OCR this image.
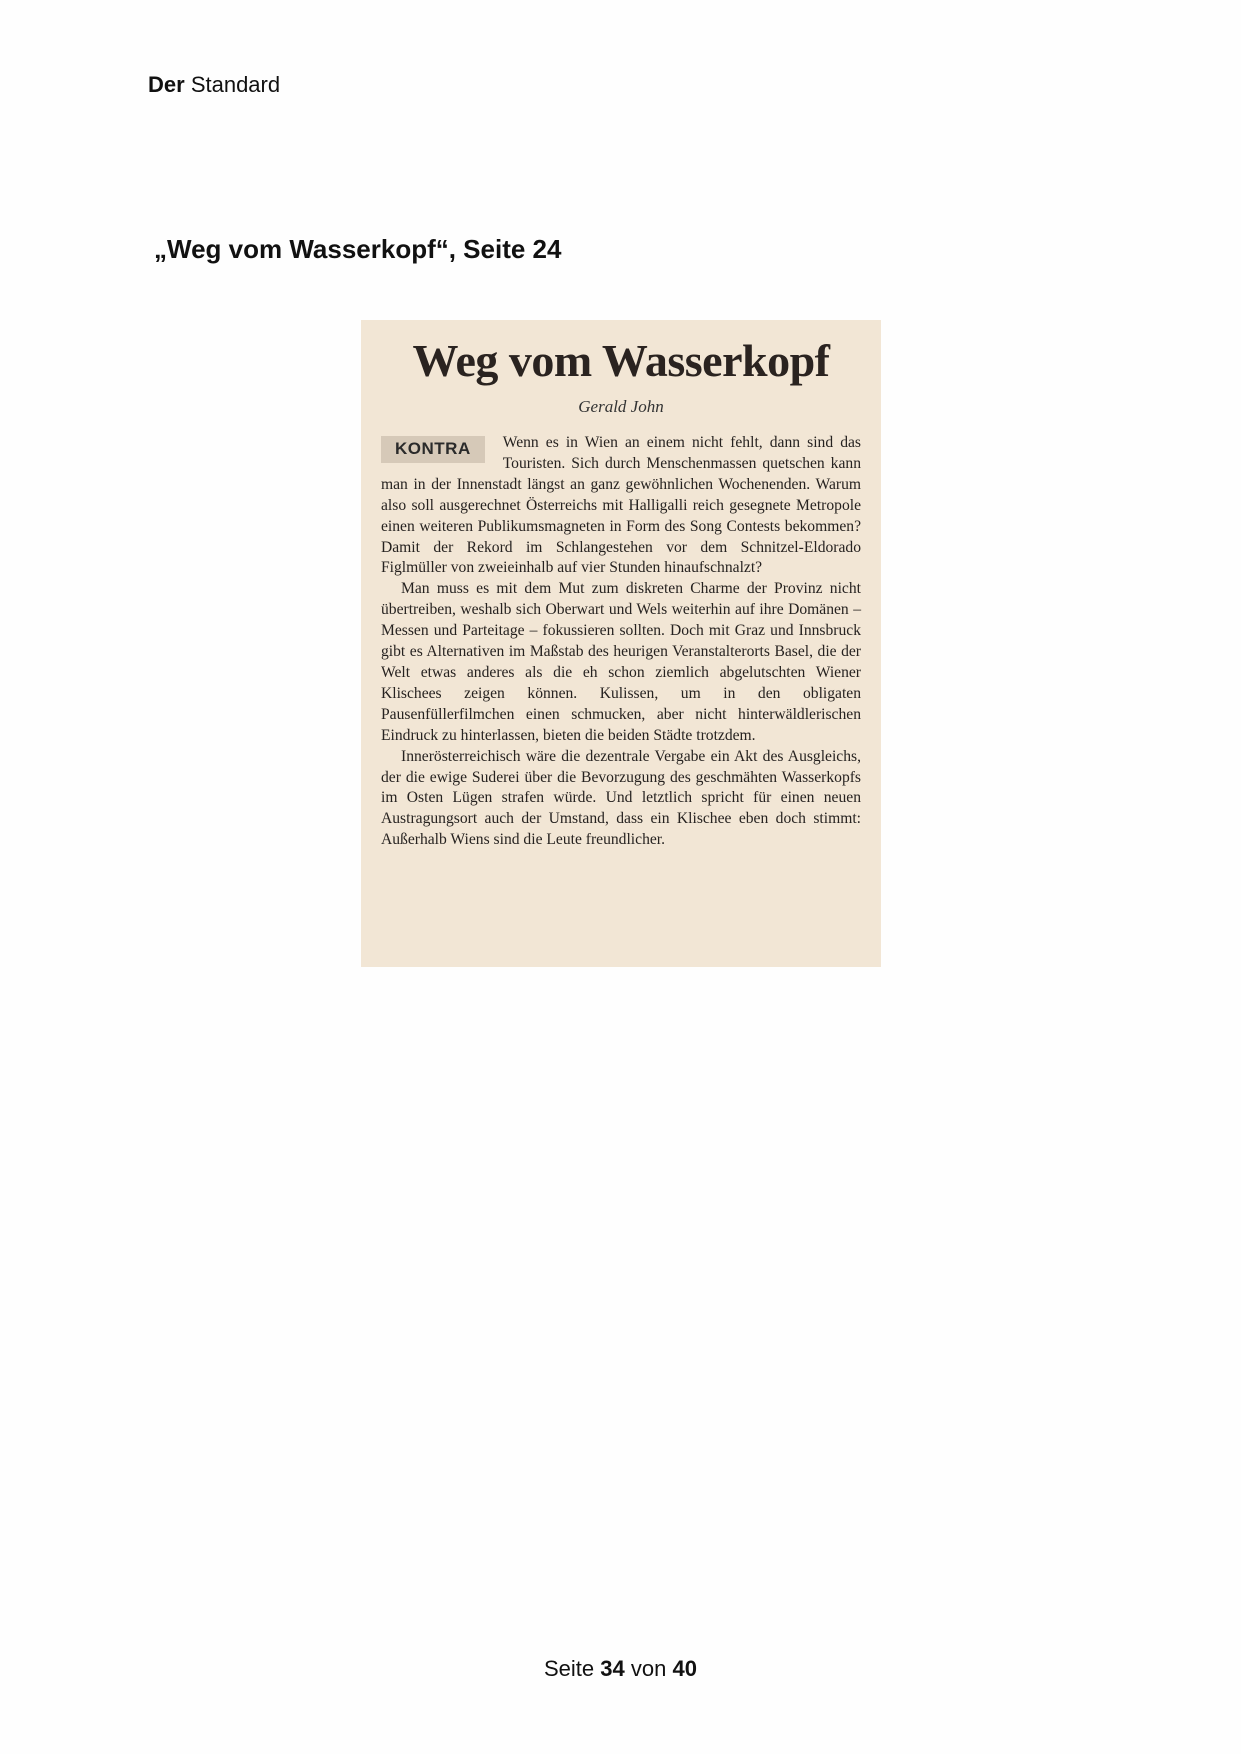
Der Standard
„Weg vom Wasserkopf“, Seite 24
Weg vom Wasserkopf
Gerald John
KONTRA	Wenn es in Wien an einem nicht fehlt, dann sind das Touristen. Sich durch Menschenmassen quetschen kann man in der Innenstadt längst an ganz gewöhnlichen Wochenenden. Warum also soll ausgerechnet Österreichs mit Halligalli reich gesegnete Metropole einen weiteren Publikumsmagneten in Form des Song Contests bekommen? Damit der Rekord im Schlangestehen vor dem Schnitzel-Eldorado Figlmüller von zweieinhalb auf vier Stunden hinaufschnalzt?

Man muss es mit dem Mut zum diskreten Charme der Provinz nicht übertreiben, weshalb sich Oberwart und Wels weiterhin auf ihre Domänen – Messen und Parteitage – fokussieren sollten. Doch mit Graz und Innsbruck gibt es Alternativen im Maßstab des heurigen Veranstalterorts Basel, die der Welt etwas anderes als die eh schon ziemlich abgelutschten Wiener Klischees zeigen können. Kulissen, um in den obligaten Pausenfüllerfilmchen einen schmucken, aber nicht hinterwäldlerischen Eindruck zu hinterlassen, bieten die beiden Städte trotzdem.

Innerösterreichisch wäre die dezentrale Vergabe ein Akt des Ausgleichs, der die ewige Suderei über die Bevorzugung des geschmähten Wasserkopfs im Osten Lügen strafen würde. Und letztlich spricht für einen neuen Austragungsort auch der Umstand, dass ein Klischee eben doch stimmt: Außerhalb Wiens sind die Leute freundlicher.

Seite 34 von 40
